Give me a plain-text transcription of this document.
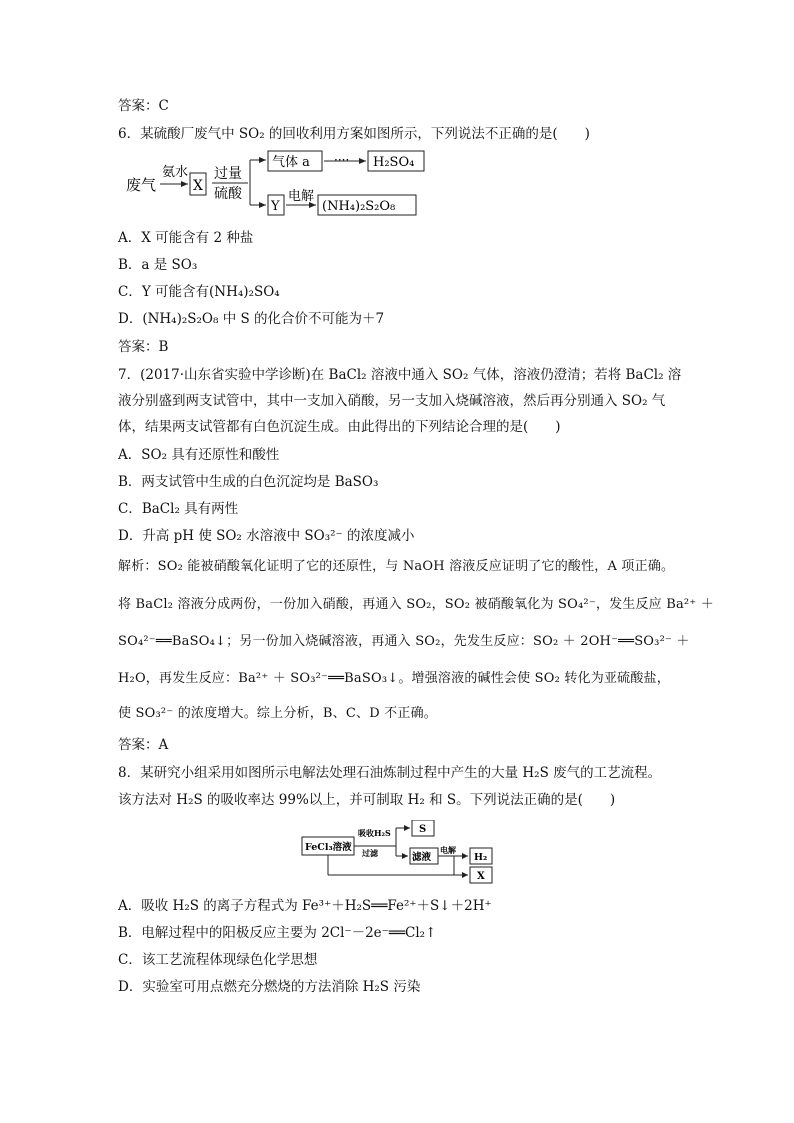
答案：C
6．某硫酸厂废气中 SO₂ 的回收利用方案如图所示，下列说法不正确的是(　　)
废气
氨水
X
过量
硫酸
气体 a ···· H₂SO₄
Y
电解
(NH₄)₂S₂O₈
A．X 可能含有 2 种盐
B．a 是 SO₃
C．Y 可能含有(NH₄)₂SO₄
D．(NH₄)₂S₂O₈ 中 S 的化合价不可能为＋7
答案：B
7．(2017·山东省实验中学诊断)在 BaCl₂ 溶液中通入 SO₂ 气体，溶液仍澄清；若将 BaCl₂ 溶
液分别盛到两支试管中，其中一支加入硝酸，另一支加入烧碱溶液，然后再分别通入 SO₂ 气
体，结果两支试管都有白色沉淀生成。由此得出的下列结论合理的是(　　)
A．SO₂ 具有还原性和酸性
B．两支试管中生成的白色沉淀均是 BaSO₃
C．BaCl₂ 具有两性
D．升高 pH 使 SO₂ 水溶液中 SO₃²⁻ 的浓度减小
解析：SO₂ 能被硝酸氧化证明了它的还原性，与 NaOH 溶液反应证明了它的酸性，A 项正确。
将 BaCl₂ 溶液分成两份，一份加入硝酸，再通入 SO₂，SO₂ 被硝酸氧化为 SO₄²⁻，发生反应 Ba²⁺ ＋
SO₄²⁻══BaSO₄↓；另一份加入烧碱溶液，再通入 SO₂，先发生反应：SO₂ ＋ 2OH⁻══SO₃²⁻ ＋
H₂O，再发生反应：Ba²⁺ ＋ SO₃²⁻══BaSO₃↓。增强溶液的碱性会使 SO₂ 转化为亚硫酸盐，
使 SO₃²⁻ 的浓度增大。综上分析，B、C、D 不正确。
答案：A
8．某研究小组采用如图所示电解法处理石油炼制过程中产生的大量 H₂S 废气的工艺流程。
该方法对 H₂S 的吸收率达 99%以上，并可制取 H₂ 和 S。下列说法正确的是(　　)
FeCl₃溶液
吸收H₂S
过滤
S
滤液
电解
H₂
X
A．吸收 H₂S 的离子方程式为 Fe³⁺＋H₂S══Fe²⁺＋S↓＋2H⁺
B．电解过程中的阳极反应主要为 2Cl⁻－2e⁻══Cl₂↑
C．该工艺流程体现绿色化学思想
D．实验室可用点燃充分燃烧的方法消除 H₂S 污染
